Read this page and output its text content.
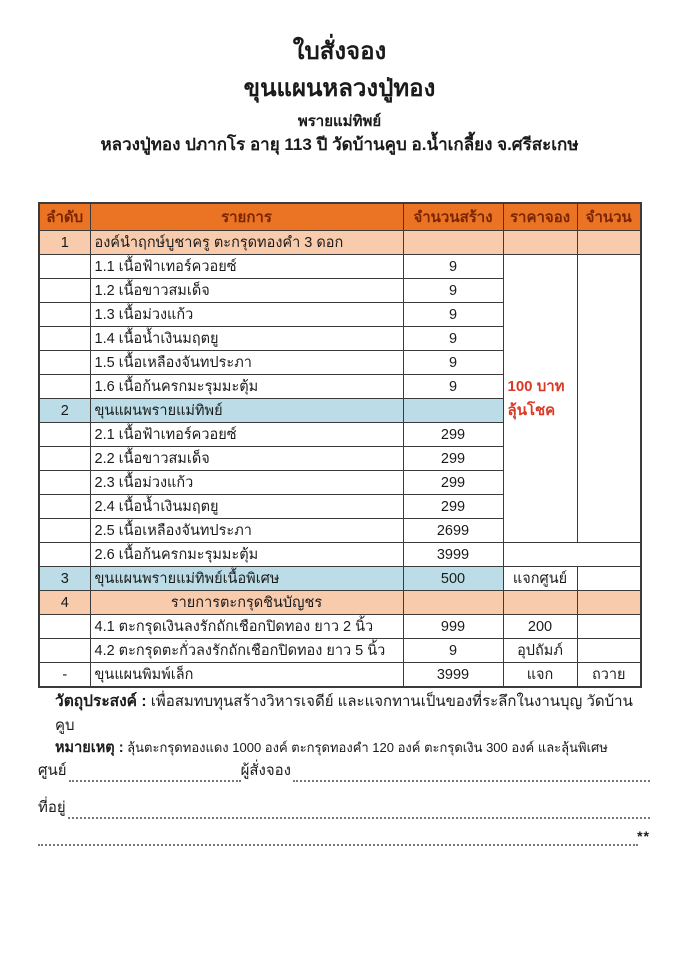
ใบสั่งจอง
ขุนแผนหลวงปู่ทอง
พรายแม่ทิพย์
หลวงปู่ทอง ปภากโร อายุ 113 ปี วัดบ้านคูบ อ.น้ำเกลี้ยง จ.ศรีสะเกษ
ลำดับ	รายการ	จำนวนสร้าง	ราคาจอง	จำนวน
1	องค์นำฤกษ์บูชาครู ตะกรุดทองคำ 3 ดอก			
	1.1 เนื้อฟ้าเทอร์ควอยซ์	9	100 บาท
ลุ้นโชค	

	1.2 เนื้อขาวสมเด็จ	9		
	1.3 เนื้อม่วงแก้ว	9		
	1.4 เนื้อน้ำเงินมฤตยู	9		
	1.5 เนื้อเหลืองจันทประภา	9		
	1.6 เนื้อก้นครกมะรุมมะตุ้ม	9		
2	ขุนแผนพรายแม่ทิพย์			
	2.1 เนื้อฟ้าเทอร์ควอยซ์	299		
	2.2 เนื้อขาวสมเด็จ	299		
	2.3 เนื้อม่วงแก้ว	299		
	2.4 เนื้อน้ำเงินมฤตยู	299		
	2.5 เนื้อเหลืองจันทประภา	2699		
	2.6 เนื้อก้นครกมะรุมมะตุ้ม	3999		
3	ขุนแผนพรายแม่ทิพย์เนื้อพิเศษ	500	แจกศูนย์	
4	รายการตะกรุดชินบัญชร			
	4.1 ตะกรุดเงินลงรักถักเชือกปิดทอง ยาว 2 นิ้ว	999	200	
	4.2 ตะกรุดตะกั่วลงรักถักเชือกปิดทอง ยาว 5 นิ้ว	9	อุปถัมภ์	
-	ขุนแผนพิมพ์เล็ก	3999	แจก	ถวาย
วัตถุประสงค์ : เพื่อสมทบทุนสร้างวิหารเจดีย์ และแจกทานเป็นของที่ระลึกในงานบุญ วัดบ้านคูบ
หมายเหตุ : ลุ้นตะกรุดทองแดง 1000 องค์ ตะกรุดทองคำ 120 องค์ ตะกรุดเงิน 300 องค์ และลุ้นพิเศษ
ศูนย์	ผู้สั่งจอง
ที่อยู่
**
